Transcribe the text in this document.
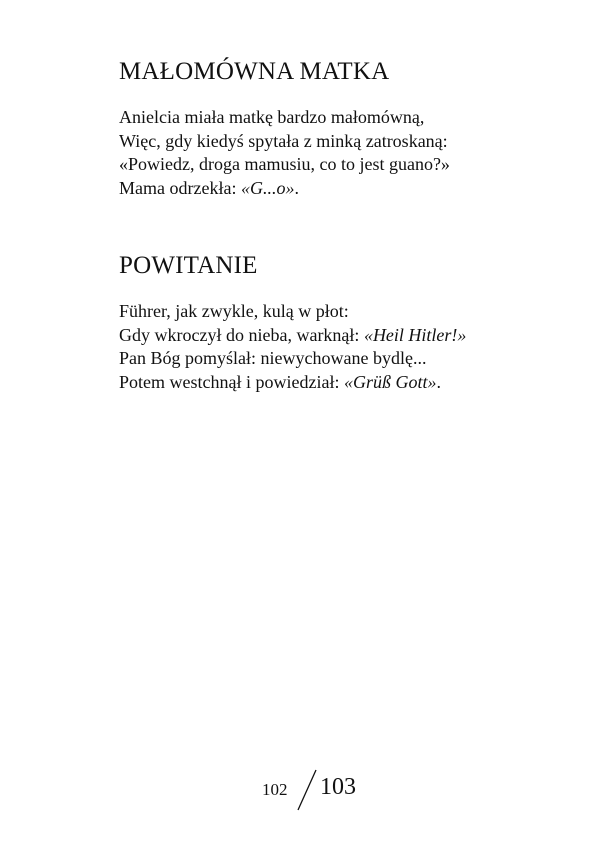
MAŁOMÓWNA MATKA
Anielcia miała matkę bardzo małomówną,
Więc, gdy kiedyś spytała z minką zatroskaną:
«Powiedz, droga mamusiu, co to jest guano?»
Mama odrzekła: «G...o».
POWITANIE
Führer, jak zwykle, kulą w płot:
Gdy wkroczył do nieba, warknął: «Heil Hitler!»
Pan Bóg pomyślał: niewychowane bydlę...
Potem westchnął i powiedział: «Grüß Gott».
102 103
